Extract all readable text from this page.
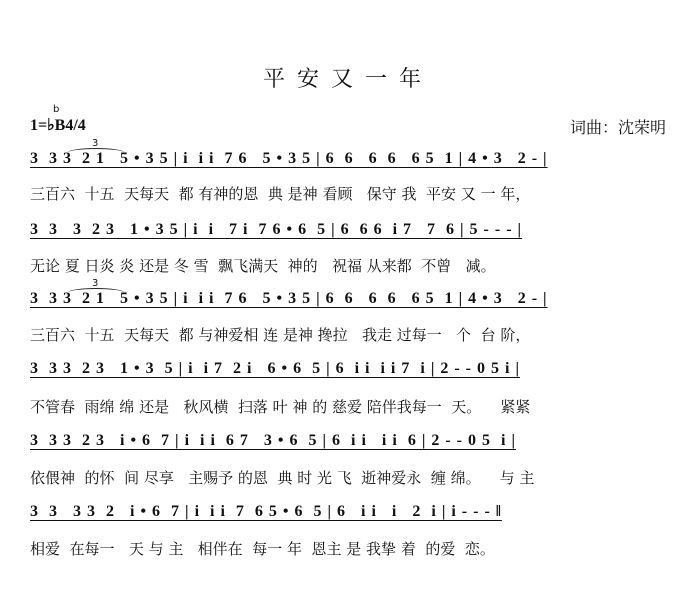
平安又一年
b
1=♭B4/4	词曲：沈荣明
3
3
3  3 3  2 1   5 • 3 5 | i  i i  7 6   5 • 3 5 | 6  6   6  6   6 5  1 | 4 • 3   2 - |
三百六  十五  天每天  都 有神的恩  典 是神 看顾   保守 我  平安 又 一 年，
3  3   3  2 3   1 • 3 5 | i  i   7 i  7 6 • 6  5 | 6  6 6  i 7   7  6 | 5 - - - |
无论 夏 日炎 炎 还是 冬 雪  飘飞满天  神的   祝福 从来都  不曾   减。
3  3 3  2 1   5 • 3 5 | i  i i  7 6   5 • 3 5 | 6  6   6  6   6 5  1 | 4 • 3   2 - |
三百六  十五  天每天  都 与神爱相 连 是神 搀拉   我走 过每一   个  台 阶，
3  3 3  2 3   1 • 3  5 | i  i 7  2 i   6 • 6  5 | 6  i i  i i 7  i | 2 - - 0 5 i |
不管春  雨绵 绵 还是   秋风横  扫落 叶 神 的 慈爱 陪伴我每一  天。    紧紧
3  3 3  2 3   i • 6  7 | i  i i  6 7   3 • 6  5 | 6  i i   i i  6 | 2 - - 0 5  i |
依偎神  的怀  间 尽享   主赐予 的恩  典 时 光 飞  逝神爱永  缠 绵。    与 主
3  3   3 3  2   i • 6  7 | i  i i  7  6 5 • 6  5 | 6   i i   i   2  i | i - - - ‖
相爱  在每一   天 与 主   相伴在  每一 年  恩主 是 我挚 着  的爱  恋。
